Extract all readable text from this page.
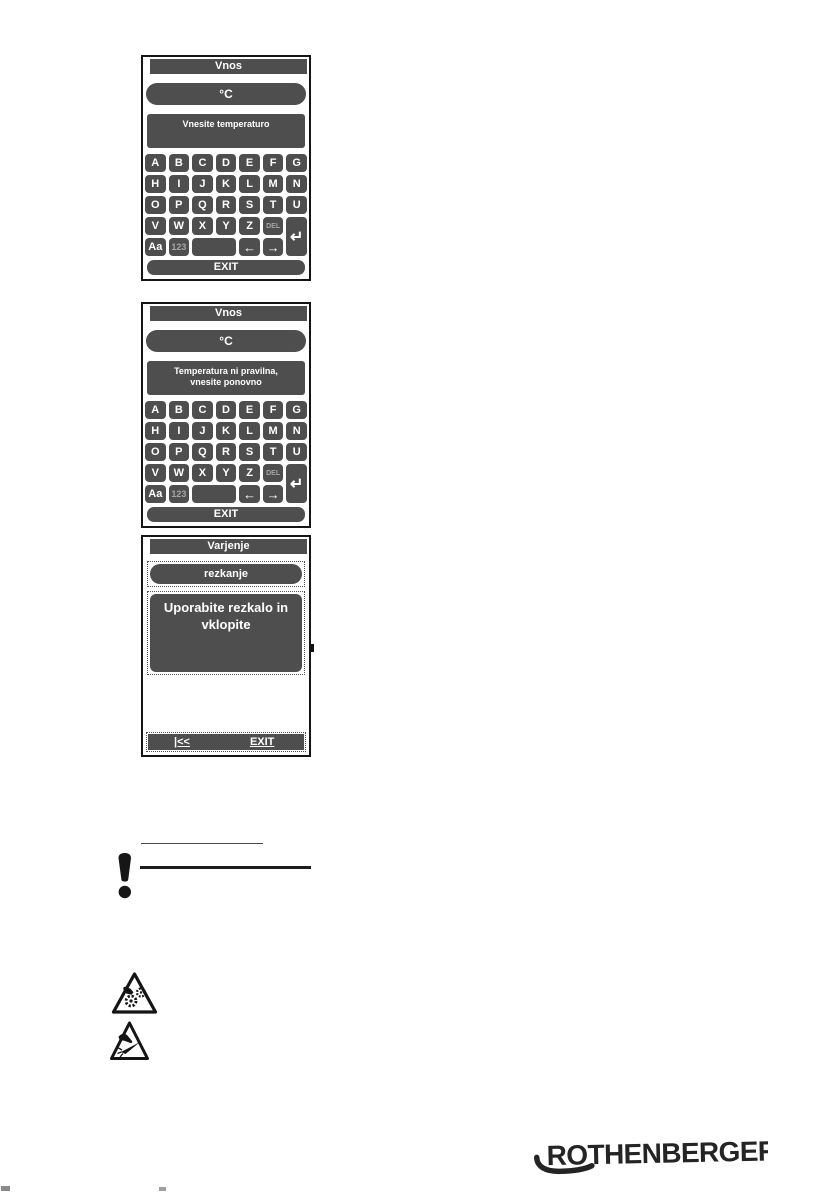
Vnos
°C
Vnesite temperaturo
A	B	C	D	E	F	G
H	I	J	K	L	M	N
O	P	Q	R	S	T	U
V	W	X	Y	Z	DEL
↵
Aa	123	← →
EXIT
Vnos
°C
Temperatura ni pravilna,
vnesite ponovno
A	B	C	D	E	F	G
H	I	J	K	L	M	N
O	P	Q	R	S	T	U
V	W	X	Y	Z	DEL
↵
Aa	123	← →
EXIT
Varjenje
rezkanje
Uporabite rezkalo in
vklopite
|<<	EXIT
ROTHENBERGER
